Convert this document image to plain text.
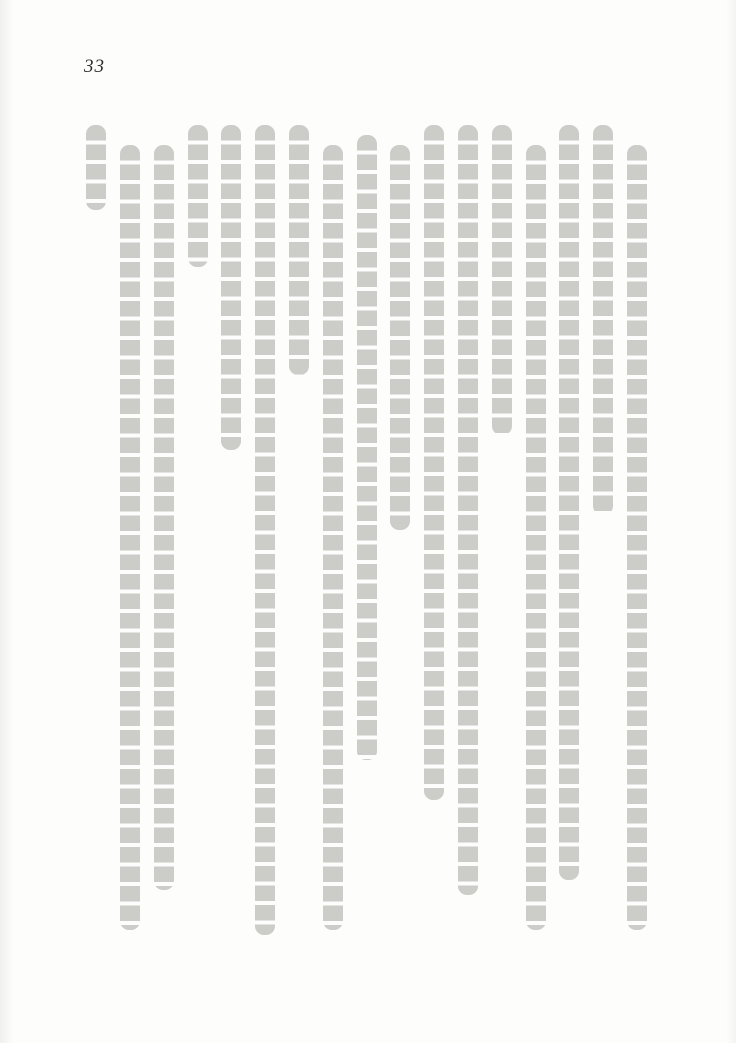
33
